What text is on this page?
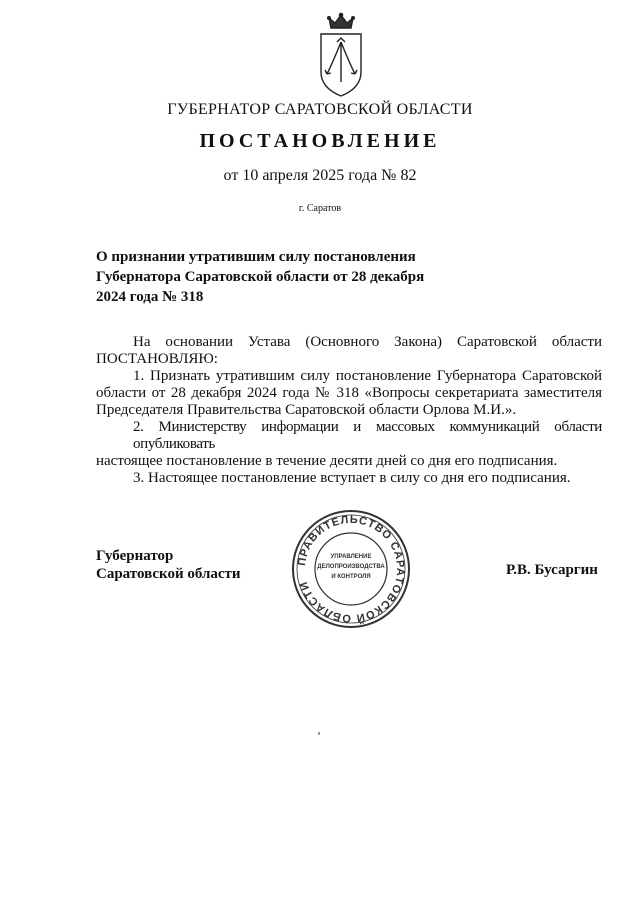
ГУБЕРНАТОР САРАТОВСКОЙ ОБЛАСТИ
ПОСТАНОВЛЕНИЕ
от 10 апреля 2025 года № 82
г. Саратов
О признании утратившим силу постановления
Губернатора Саратовской области от 28 декабря
2024 года № 318
На основании Устава (Основного Закона) Саратовской области
ПОСТАНОВЛЯЮ:
1. Признать утратившим силу постановление Губернатора Саратовской
области от 28 декабря 2024 года № 318 «Вопросы секретариата заместителя
Председателя Правительства Саратовской области Орлова М.И.».
2. Министерству информации и массовых коммуникаций области опубликовать
настоящее постановление в течение десяти дней со дня его подписания.
3. Настоящее постановление вступает в силу со дня его подписания.
Губернатор
Саратовской области	Р.В. Бусаргин
ПРАВИТЕЛЬСТВО САРАТОВСКОЙ ОБЛАСТИ
УПРАВЛЕНИЕ
ДЕЛОПРОИЗВОДСТВА
И КОНТРОЛЯ
